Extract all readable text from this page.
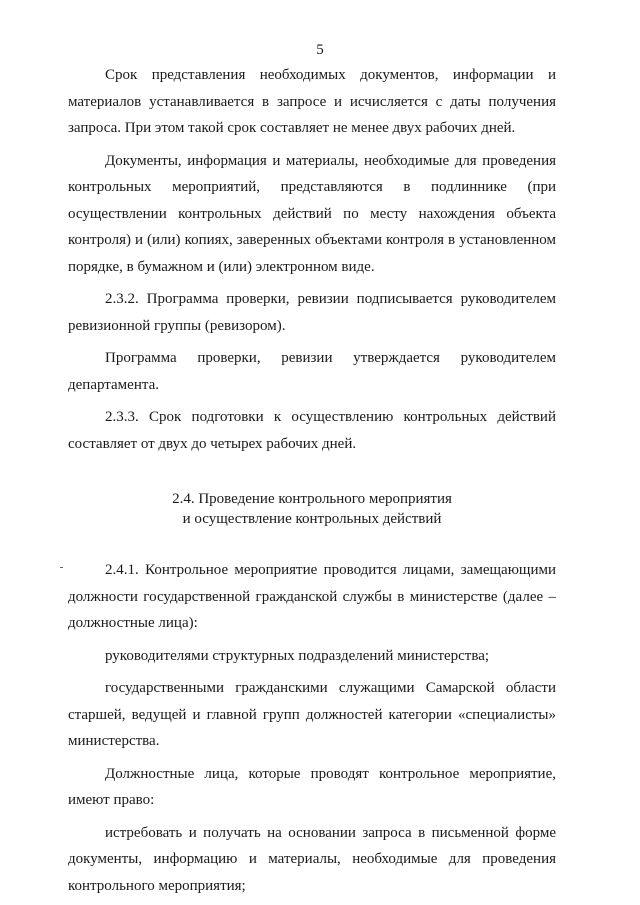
5

Срок представления необходимых документов, информации и материалов устанавливается в запросе и исчисляется с даты получения запроса. При этом такой срок составляет не менее двух рабочих дней.

Документы, информация и материалы, необходимые для проведения контрольных мероприятий, представляются в подлиннике (при осуществлении контрольных действий по месту нахождения объекта контроля) и (или) копиях, заверенных объектами контроля в установленном порядке, в бумажном и (или) электронном виде.

2.3.2. Программа проверки, ревизии подписывается руководителем ревизионной группы (ревизором).

Программа проверки, ревизии утверждается руководителем департамента.

2.3.3. Срок подготовки к осуществлению контрольных действий составляет от двух до четырех рабочих дней.

2.4. Проведение контрольного мероприятия
и осуществление контрольных действий

2.4.1. Контрольное мероприятие проводится лицами, замещающими должности государственной гражданской службы в министерстве (далее – должностные лица):

руководителями структурных подразделений министерства;

государственными гражданскими служащими Самарской области старшей, ведущей и главной групп должностей категории «специалисты» министерства.

Должностные лица, которые проводят контрольное мероприятие, имеют право:

истребовать и получать на основании запроса в письменной форме документы, информацию и материалы, необходимые для проведения контрольного мероприятия;
